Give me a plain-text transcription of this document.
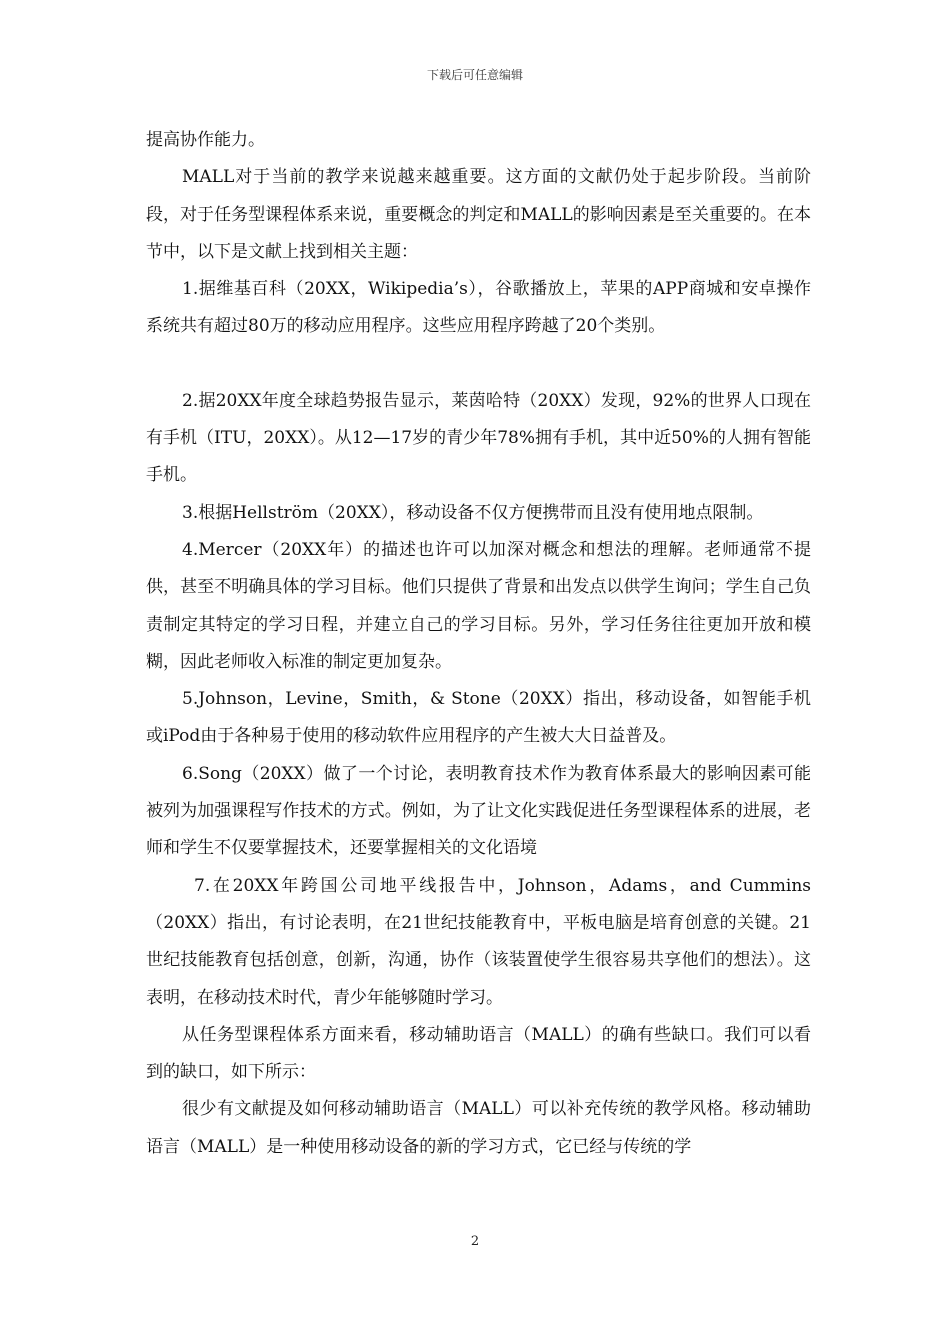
下载后可任意编辑

提高协作能力。

MALL对于当前的教学来说越来越重要。这方面的文献仍处于起步阶段。当前阶段，对于任务型课程体系来说，重要概念的判定和MALL的影响因素是至关重要的。在本节中，以下是文献上找到相关主题：

1.据维基百科（20XX，Wikipedia’s），谷歌播放上，苹果的APP商城和安卓操作系统共有超过80万的移动应用程序。这些应用程序跨越了20个类别。

2.据20XX年度全球趋势报告显示，莱茵哈特（20XX）发现，92%的世界人口现在有手机（ITU，20XX）。从12—17岁的青少年78%拥有手机，其中近50%的人拥有智能手机。

3.根据Hellström（20XX），移动设备不仅方便携带而且没有使用地点限制。

4.Mercer（20XX年）的描述也许可以加深对概念和想法的理解。老师通常不提供，甚至不明确具体的学习目标。他们只提供了背景和出发点以供学生询问；学生自己负责制定其特定的学习日程，并建立自己的学习目标。另外，学习任务往往更加开放和模糊，因此老师收入标准的制定更加复杂。

5.Johnson，Levine，Smith，& Stone（20XX）指出，移动设备，如智能手机或iPod由于各种易于使用的移动软件应用程序的产生被大大日益普及。

6.Song（20XX）做了一个讨论，表明教育技术作为教育体系最大的影响因素可能被列为加强课程写作技术的方式。例如，为了让文化实践促进任务型课程体系的进展，老师和学生不仅要掌握技术，还要掌握相关的文化语境

7.在20XX年跨国公司地平线报告中，Johnson，Adams，and Cummins（20XX）指出，有讨论表明，在21世纪技能教育中，平板电脑是培育创意的关键。21世纪技能教育包括创意，创新，沟通，协作（该装置使学生很容易共享他们的想法）。这表明，在移动技术时代，青少年能够随时学习。

从任务型课程体系方面来看，移动辅助语言（MALL）的确有些缺口。我们可以看到的缺口，如下所示：

很少有文献提及如何移动辅助语言（MALL）可以补充传统的教学风格。移动辅助语言（MALL）是一种使用移动设备的新的学习方式，它已经与传统的学

2
